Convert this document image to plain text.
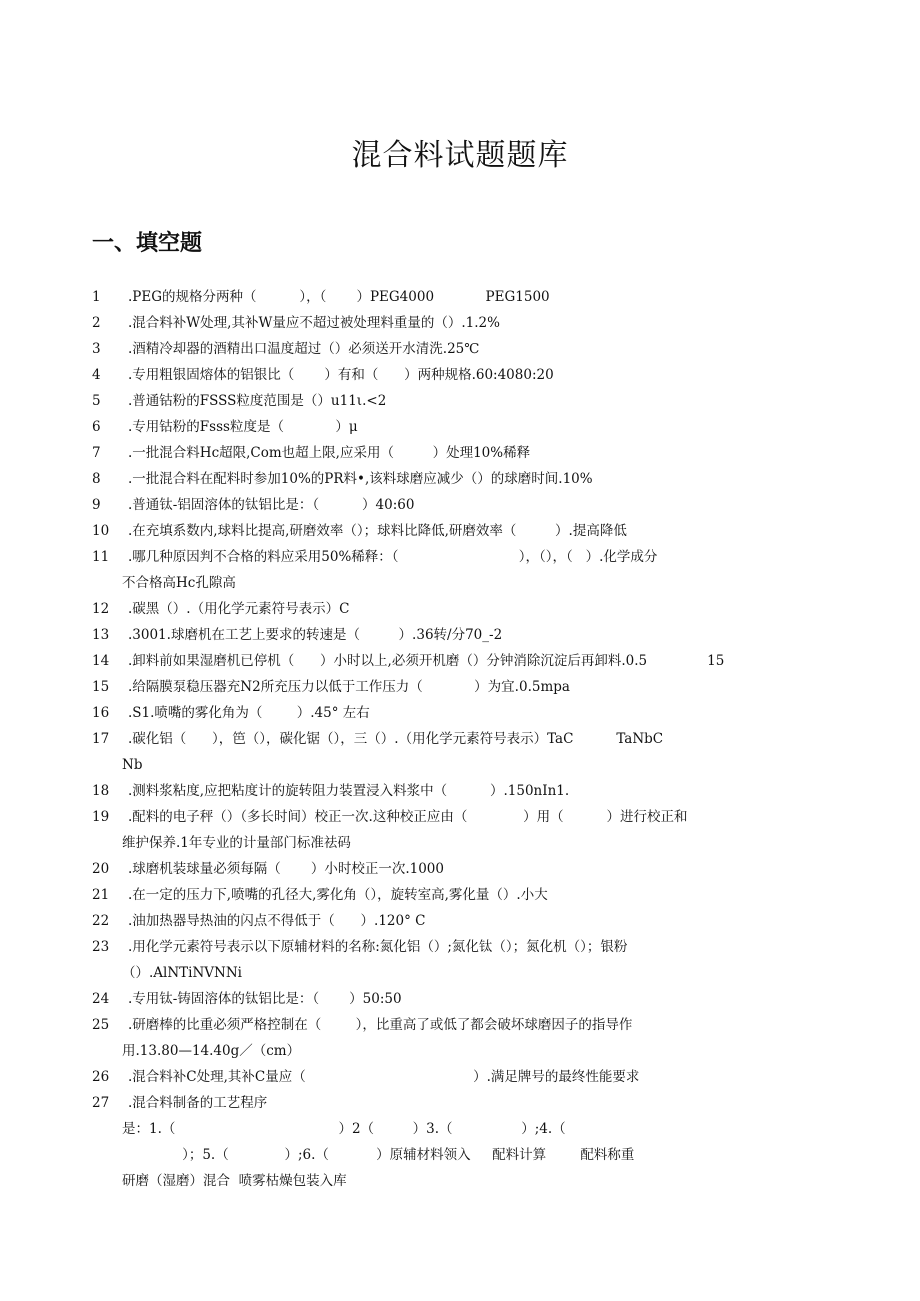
混合料试题题库
一、填空题
1	.PEG的规格分两种（          ），（       ）PEG4000            PEG1500
2	.混合料补W处理,其补W量应不超过被处理料重量的（）.1.2%
3	.酒精冷却器的酒精出口温度超过（）必须送开水清洗.25℃
4	.专用粗银固熔体的铝银比（       ）有和（      ）两种规格.60:4080:20
5	.普通钴粉的FSSS粒度范围是（）u11ι.<2
6	.专用钴粉的Fsss粒度是（            ）μ
7	.一批混合料Hc超限,Com也超上限,应采用（         ）处理10%稀释
8	.一批混合料在配料时参加10%的PR料•,该料球磨应减少（）的球磨时间.10%
9	.普通钛-铝固溶体的钛铝比是：（          ）40:60
10	.在充填系数内,球料比提高,研磨效率（）；球料比降低,研磨效率（         ）.提高降低
11	.哪几种原因判不合格的料应采用50%稀释：（                            ），（），（   ）.化学成分
不合格高Hc孔隙高
12	.碳黑（）.（用化学元素符号表示）C
13	.3001.球磨机在工艺上要求的转速是（         ）.36转/分70_-2
14	.卸料前如果湿磨机已停机（      ）小时以上,必须开机磨（）分钟消除沉淀后再卸料.0.5              15
15	.给隔膜泵稳压器充N2所充压力以低于工作压力（            ）为宜.0.5mpa
16	.S1.喷嘴的雾化角为（        ）.45° 左右
17	.碳化铝（      ），笆（），碳化锯（），三（）.（用化学元素符号表示）TaC          TaNbC
Nb
18	.测料浆粘度,应把粘度计的旋转阻力装置浸入料浆中（          ）.150nIn1.
19	.配料的电子秤（）（多长时间）校正一次.这种校正应由（             ）用（          ）进行校正和
维护保养.1年专业的计量部门标准祛码
20	.球磨机装球量必须每隔（       ）小时校正一次.1000
21	.在一定的压力下,喷嘴的孔径大,雾化角（），旋转室高,雾化量（）.小大
22	.油加热器导热油的闪点不得低于（      ）.120° C
23	.用化学元素符号表示以下原辅材料的名称:氮化铝（）;氮化钛（）；氮化机（）；银粉
（）.AlNTiNVNNi
24	.专用钛-铸固溶体的钛铝比是：（       ）50:50
25	.研磨棒的比重必须严格控制在（        ），比重高了或低了都会破坏球磨因子的指导作
用.13.80—14.40g／（cm）
26	.混合料补C处理,其补C量应（                                       ）.满足牌号的最终性能要求
27	.混合料制备的工艺程序
是：1.（                                      ）2（         ）3.（                ）;4.（
）；5.（             ）;6.（           ）原辅材料领入     配料计算        配料称重
研磨（湿磨）混合  喷雾枯燥包装入库
